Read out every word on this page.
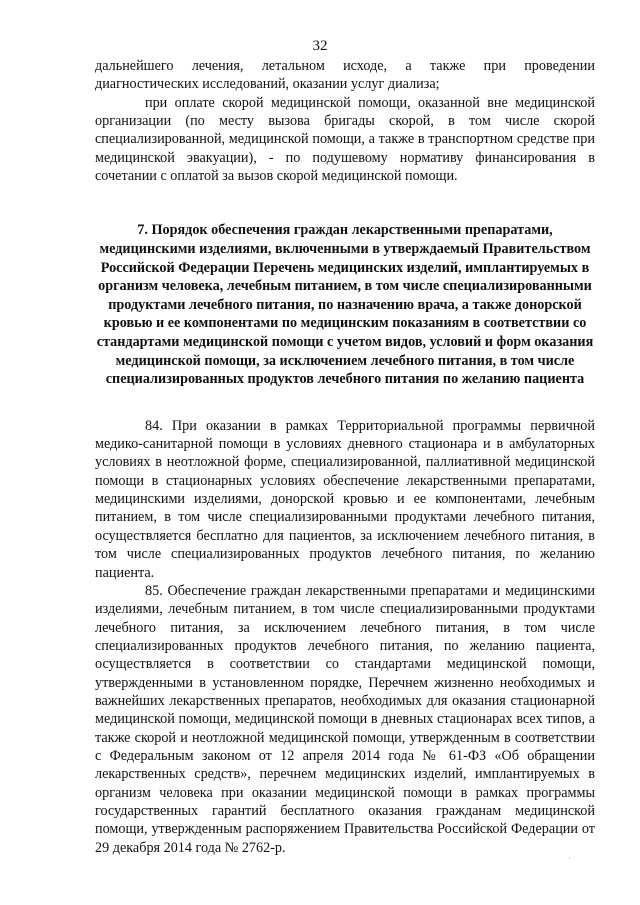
32

дальнейшего лечения, летальном исходе, а также при проведении диагностических исследований, оказании услуг диализа;

при оплате скорой медицинской помощи, оказанной вне медицинской организации (по месту вызова бригады скорой, в том числе скорой специализированной, медицинской помощи, а также в транспортном средстве при медицинской эвакуации), - по подушевому нормативу финансирования в сочетании с оплатой за вызов скорой медицинской помощи.

7. Порядок обеспечения граждан лекарственными препаратами, медицинскими изделиями, включенными в утверждаемый Правительством Российской Федерации Перечень медицинских изделий, имплантируемых в организм человека, лечебным питанием, в том числе специализированными продуктами лечебного питания, по назначению врача, а также донорской кровью и ее компонентами по медицинским показаниям в соответствии со стандартами медицинской помощи с учетом видов, условий и форм оказания медицинской помощи, за исключением лечебного питания, в том числе специализированных продуктов лечебного питания по желанию пациента

84. При оказании в рамках Территориальной программы первичной медико-санитарной помощи в условиях дневного стационара и в амбулаторных условиях в неотложной форме, специализированной, паллиативной медицинской помощи в стационарных условиях обеспечение лекарственными препаратами, медицинскими изделиями, донорской кровью и ее компонентами, лечебным питанием, в том числе специализированными продуктами лечебного питания, осуществляется бесплатно для пациентов, за исключением лечебного питания, в том числе специализированных продуктов лечебного питания, по желанию пациента.

85. Обеспечение граждан лекарственными препаратами и медицинскими изделиями, лечебным питанием, в том числе специализированными продуктами лечебного питания, за исключением лечебного питания, в том числе специализированных продуктов лечебного питания, по желанию пациента, осуществляется в соответствии со стандартами медицинской помощи, утвержденными в установленном порядке, Перечнем жизненно необходимых и важнейших лекарственных препаратов, необходимых для оказания стационарной медицинской помощи, медицинской помощи в дневных стационарах всех типов, а также скорой и неотложной медицинской помощи, утвержденным в соответствии с Федеральным законом от 12 апреля 2014 года № 61-ФЗ «Об обращении лекарственных средств», перечнем медицинских изделий, имплантируемых в организм человека при оказании медицинской помощи в рамках программы государственных гарантий бесплатного оказания гражданам медицинской помощи, утвержденным распоряжением Правительства Российской Федерации от 29 декабря 2014 года № 2762-р.

·
